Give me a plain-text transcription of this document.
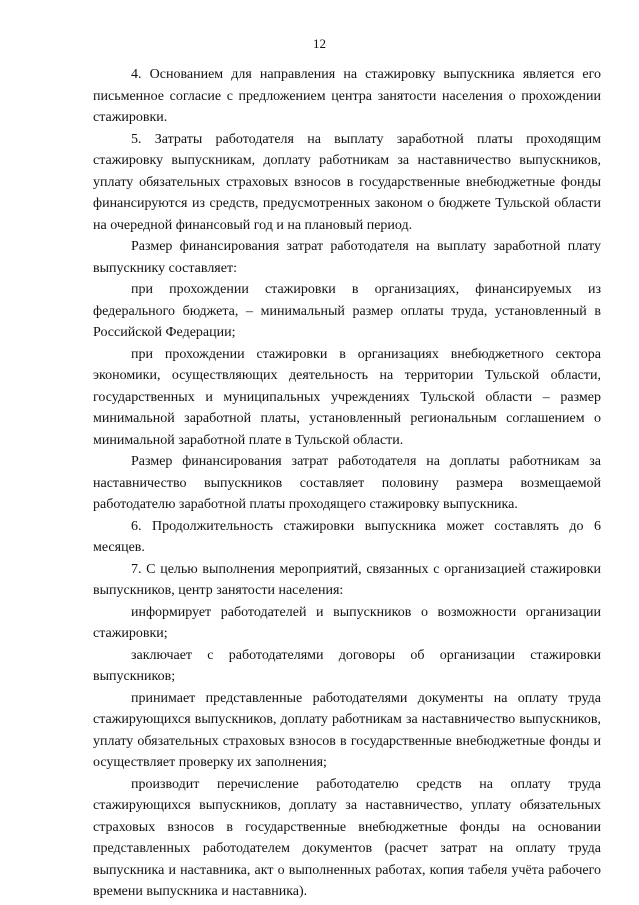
12

4. Основанием для направления на стажировку выпускника является его письменное согласие с предложением центра занятости населения о прохождении стажировки.

5. Затраты работодателя на выплату заработной платы проходящим стажировку выпускникам, доплату работникам за наставничество выпускников, уплату обязательных страховых взносов в государственные внебюджетные фонды финансируются из средств, предусмотренных законом о бюджете Тульской области на очередной финансовый год и на плановый период.

Размер финансирования затрат работодателя на выплату заработной плату выпускнику составляет:

при прохождении стажировки в организациях, финансируемых из федерального бюджета, – минимальный размер оплаты труда, установленный в Российской Федерации;

при прохождении стажировки в организациях внебюджетного сектора экономики, осуществляющих деятельность на территории Тульской области, государственных и муниципальных учреждениях Тульской области – размер минимальной заработной платы, установленный региональным соглашением о минимальной заработной плате в Тульской области.

Размер финансирования затрат работодателя на доплаты работникам за наставничество выпускников составляет половину размера возмещаемой работодателю заработной платы проходящего стажировку выпускника.

6. Продолжительность стажировки выпускника может составлять до 6 месяцев.

7. С целью выполнения мероприятий, связанных с организацией стажировки выпускников, центр занятости населения:

информирует работодателей и выпускников о возможности организации стажировки;

заключает с работодателями договоры об организации стажировки выпускников;

принимает представленные работодателями документы на оплату труда стажирующихся выпускников, доплату работникам за наставничество выпускников, уплату обязательных страховых взносов в государственные внебюджетные фонды и осуществляет проверку их заполнения;

производит перечисление работодателю средств на оплату труда стажирующихся выпускников, доплату за наставничество, уплату обязательных страховых взносов в государственные внебюджетные фонды на основании представленных работодателем документов (расчет затрат на оплату труда выпускника и наставника, акт о выполненных работах, копия табеля учёта рабочего времени выпускника и наставника).
